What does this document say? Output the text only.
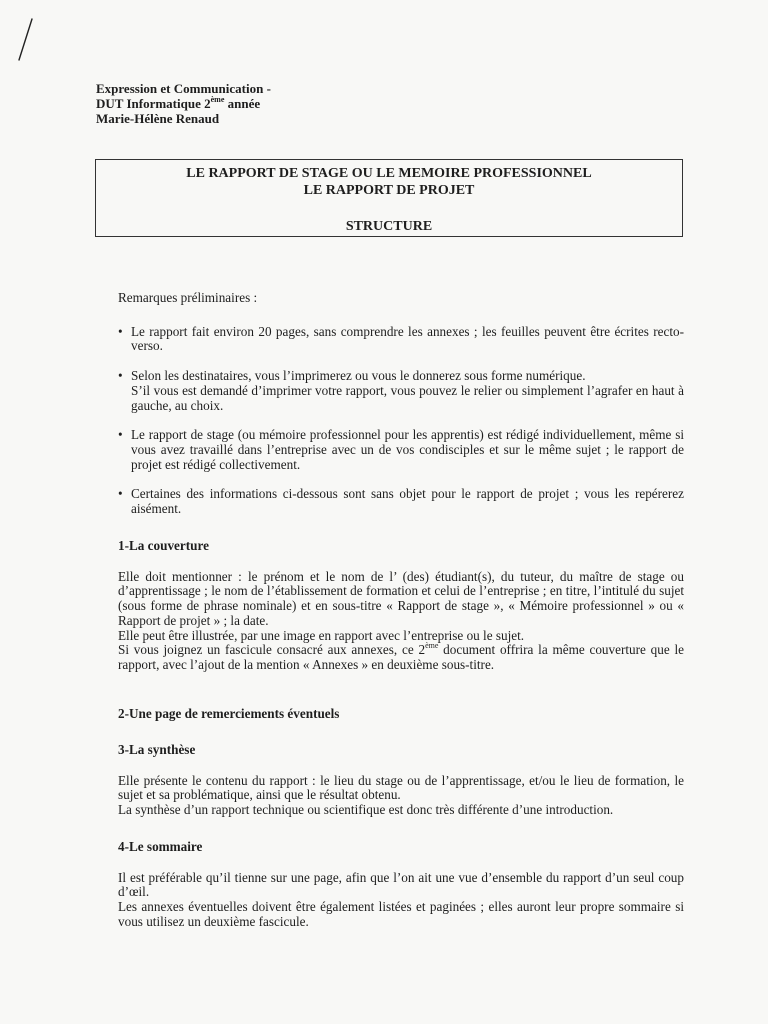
Expression et Communication -
DUT Informatique 2ème année
Marie-Hélène Renaud
LE RAPPORT DE STAGE OU LE MEMOIRE PROFESSIONNEL
LE RAPPORT DE PROJET
STRUCTURE

Remarques préliminaires :

• Le rapport fait environ 20 pages, sans comprendre les annexes ; les feuilles peuvent être écrites recto-verso.
• Selon les destinataires, vous l’imprimerez ou vous le donnerez sous forme numérique.
S’il vous est demandé d’imprimer votre rapport, vous pouvez le relier ou simplement l’agrafer en haut à gauche, au choix.
• Le rapport de stage (ou mémoire professionnel pour les apprentis) est rédigé individuellement, même si vous avez travaillé dans l’entreprise avec un de vos condisciples et sur le même sujet ; le rapport de projet est rédigé collectivement.
• Certaines des informations ci-dessous sont sans objet pour le rapport de projet ; vous les repérerez aisément.
1-La couverture

Elle doit mentionner : le prénom et le nom de l’ (des) étudiant(s), du tuteur, du maître de stage ou d’apprentissage ; le nom de l’établissement de formation et celui de l’entreprise ; en titre, l’intitulé du sujet (sous forme de phrase nominale) et en sous-titre « Rapport de stage », « Mémoire professionnel » ou « Rapport de projet » ; la date.

Elle peut être illustrée, par une image en rapport avec l’entreprise ou le sujet.

Si vous joignez un fascicule consacré aux annexes, ce 2ème document offrira la même couverture que le rapport, avec l’ajout de la mention « Annexes » en deuxième sous-titre.

2-Une page de remerciements éventuels
3-La synthèse

Elle présente le contenu du rapport : le lieu du stage ou de l’apprentissage, et/ou le lieu de formation, le sujet et sa problématique, ainsi que le résultat obtenu.

La synthèse d’un rapport technique ou scientifique est donc très différente d’une introduction.

4-Le sommaire

Il est préférable qu’il tienne sur une page, afin que l’on ait une vue d’ensemble du rapport d’un seul coup d’œil.

Les annexes éventuelles doivent être également listées et paginées ; elles auront leur propre sommaire si vous utilisez un deuxième fascicule.
